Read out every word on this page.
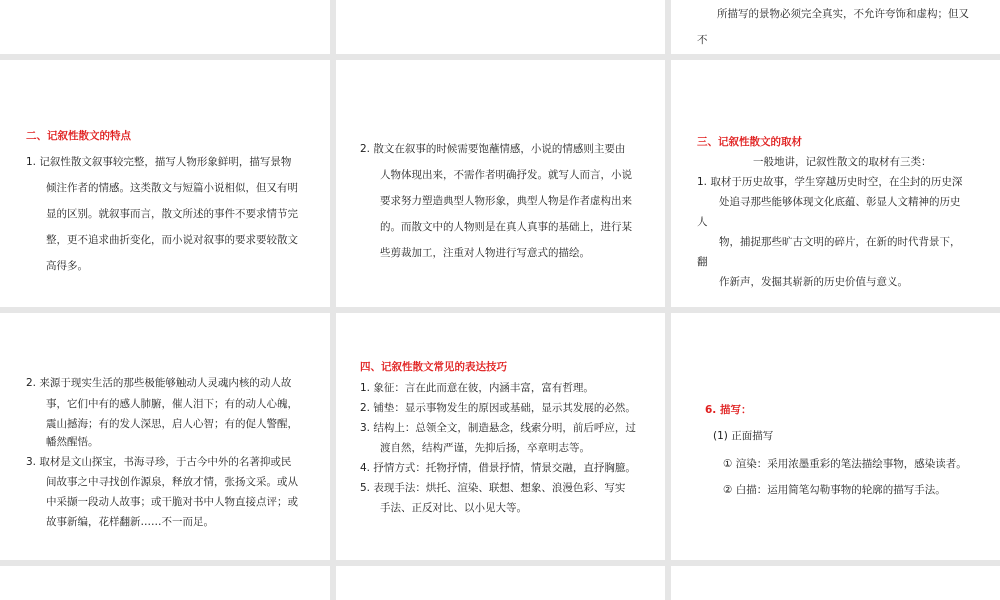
所描写的景物必须完全真实，不允许夸饰和虚构；但又

不

二、记叙性散文的特点

1. 记叙性散文叙事较完整，描写人物形象鲜明，描写景物

倾注作者的情感。这类散文与短篇小说相似，但又有明

显的区别。就叙事而言，散文所述的事件不要求情节完

整，更不追求曲折变化，而小说对叙事的要求要较散文

高得多。

2. 散文在叙事的时候需要饱蘸情感，小说的情感则主要由

人物体现出来，不需作者明确抒发。就写人而言，小说

要求努力塑造典型人物形象，典型人物是作者虚构出来

的。而散文中的人物则是在真人真事的基础上，进行某

些剪裁加工，注重对人物进行写意式的描绘。

三、记叙性散文的取材

一般地讲，记叙性散文的取材有三类：

1. 取材于历史故事，学生穿越历史时空，在尘封的历史深

处追寻那些能够体现文化底蕴、彰显人文精神的历史

人

物，捕捉那些旷古文明的碎片，在新的时代背景下，

翻

作新声，发掘其崭新的历史价值与意义。

2. 来源于现实生活的那些极能够触动人灵魂内核的动人故

事，它们中有的感人肺腑，催人泪下；有的动人心魄，

震山撼海；有的发人深思，启人心智；有的促人警醒，

幡然醒悟。

3. 取材是文山探宝，书海寻珍，于古今中外的名著抑或民

间故事之中寻找创作源泉，释放才情，张扬文采。或从

中采撷一段动人故事；或干脆对书中人物直接点评；或

故事新编，花样翻新……不一而足。

四、记叙性散文常见的表达技巧

1. 象征：言在此而意在彼，内涵丰富，富有哲理。

2. 铺垫：显示事物发生的原因或基础，显示其发展的必然。

3. 结构上：总领全文，制造悬念，线索分明，前后呼应，过

渡自然，结构严谨，先抑后扬，卒章明志等。

4. 抒情方式：托物抒情，借景抒情，情景交融，直抒胸臆。

5. 表现手法：烘托、渲染、联想、想象、浪漫色彩、写实

手法、正反对比、以小见大等。

6. 描写：

(1) 正面描写

① 渲染：采用浓墨重彩的笔法描绘事物，感染读者。

② 白描：运用简笔勾勒事物的轮廓的描写手法。
